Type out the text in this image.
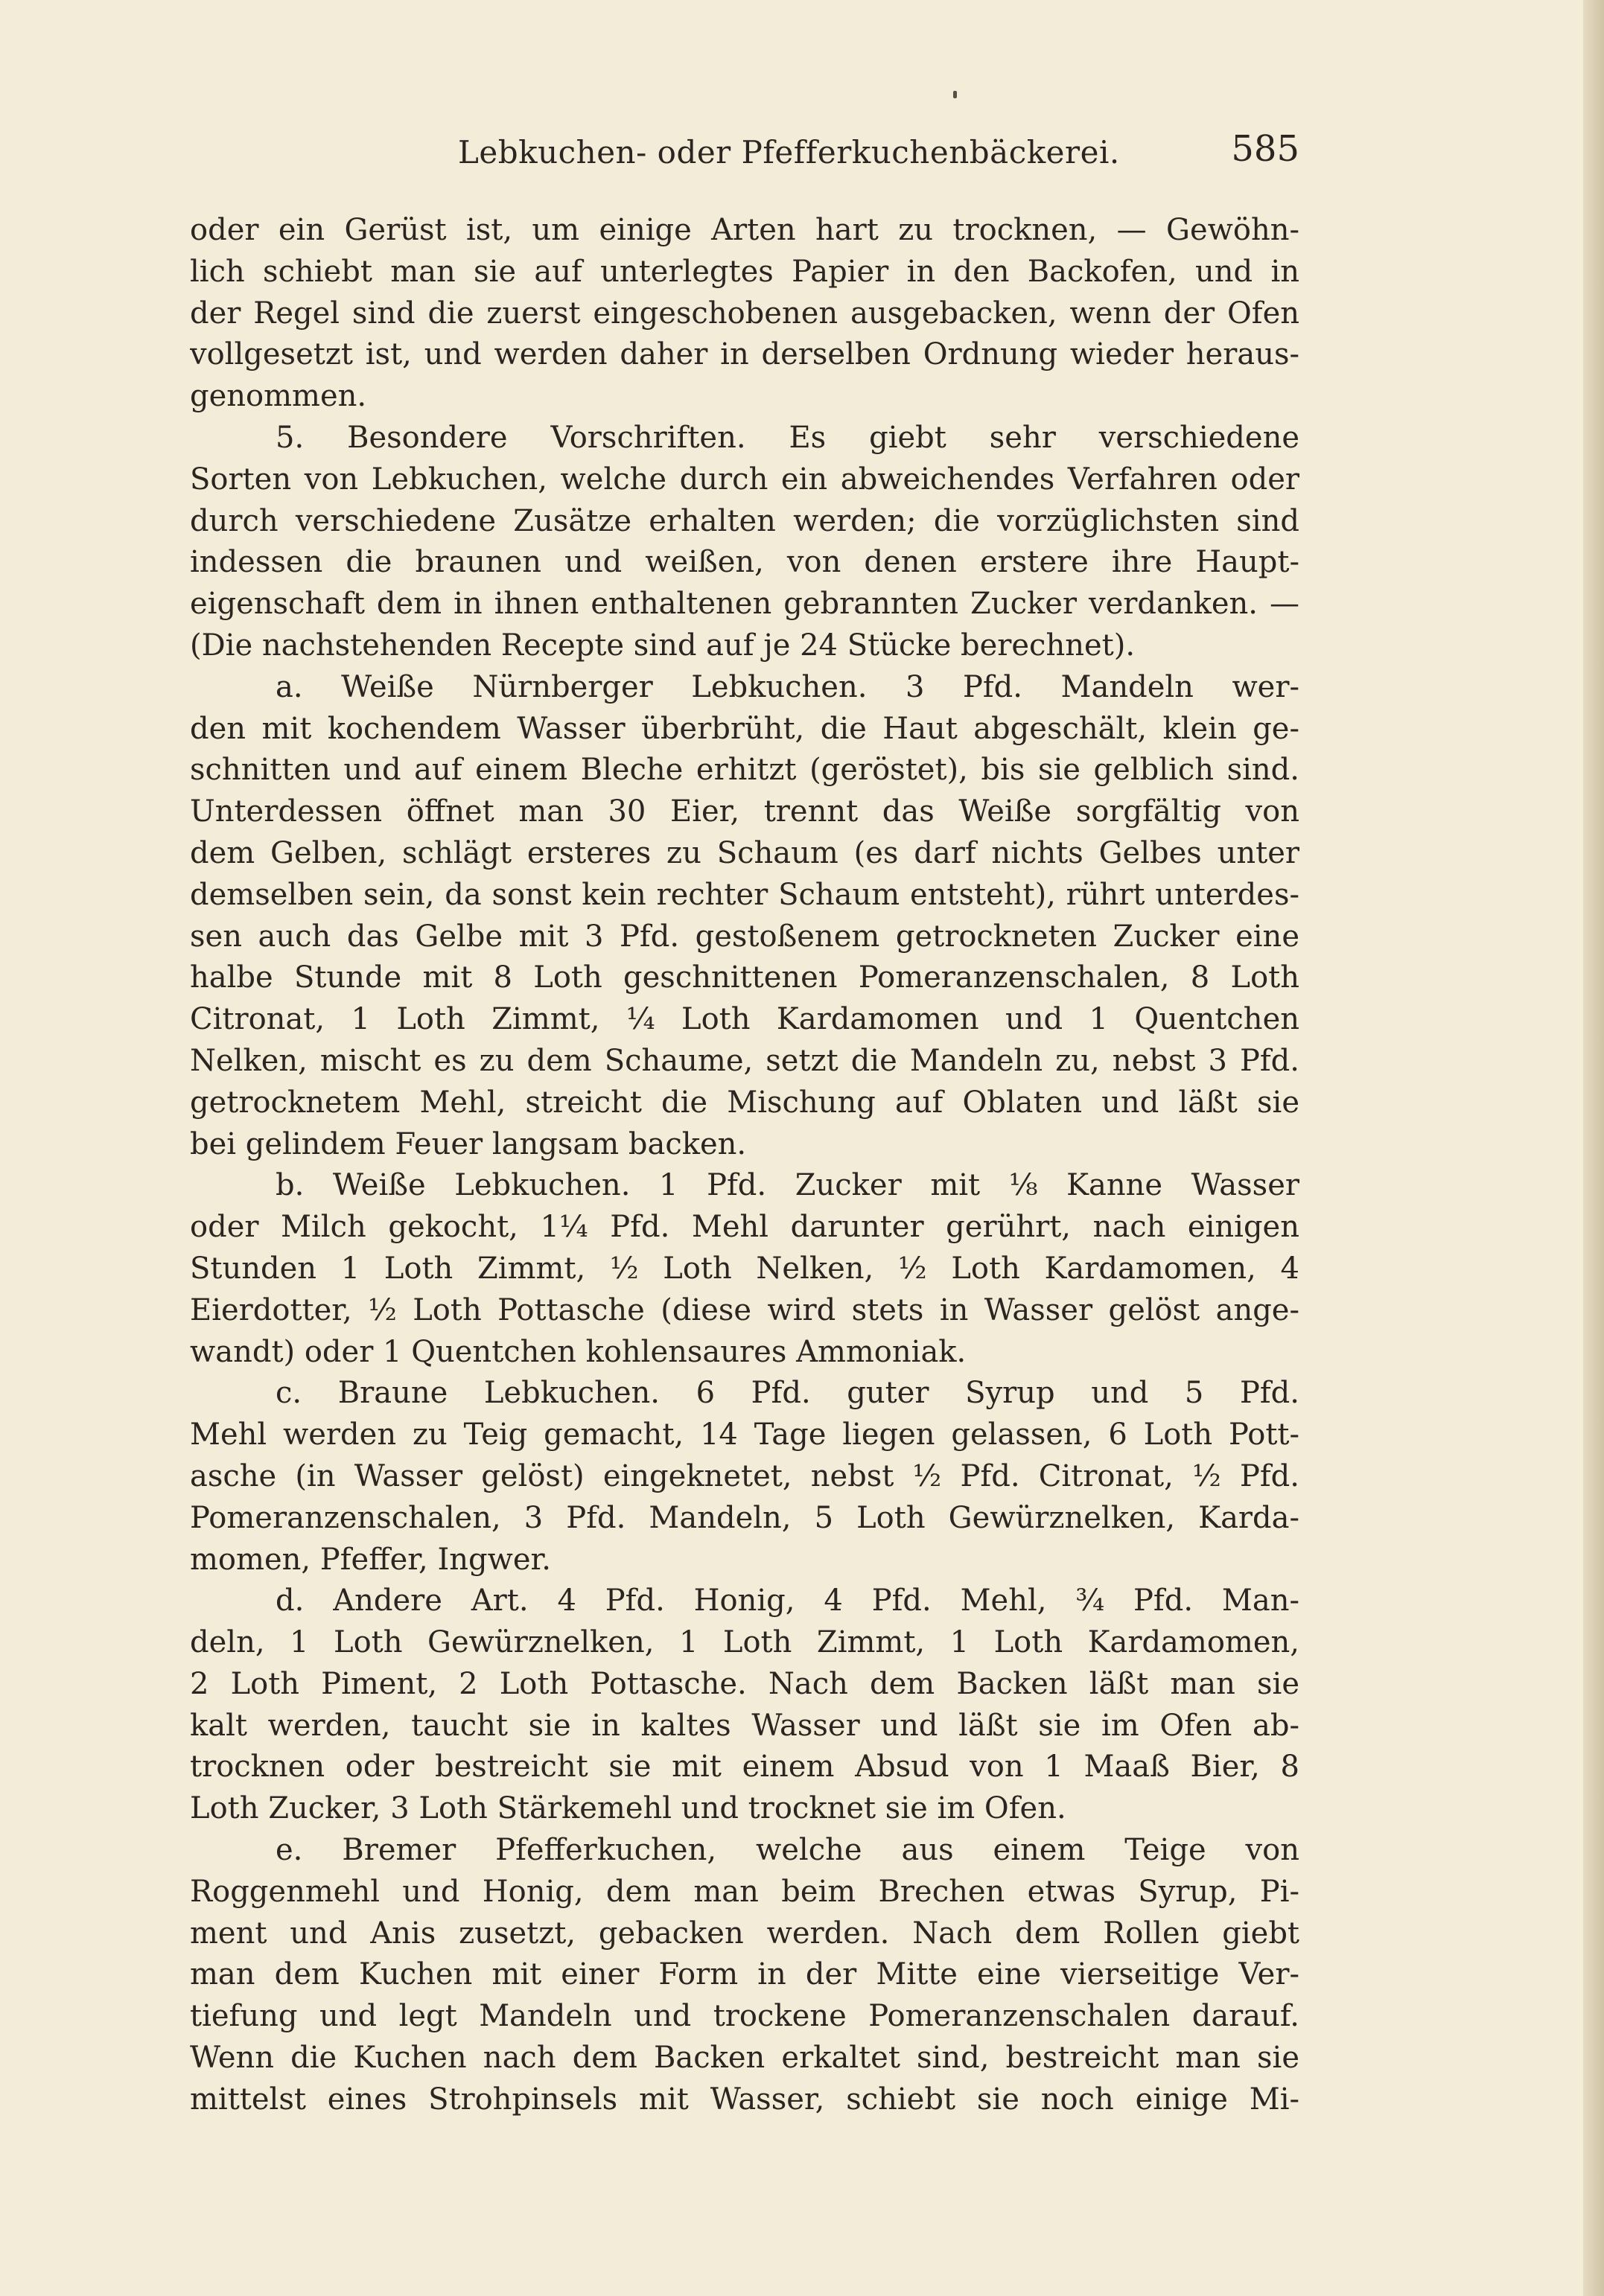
Lebkuchen- oder Pfefferkuchenbäckerei.	585
oder ein Gerüst ist, um einige Arten hart zu trocknen, — Gewöhn-
lich schiebt man sie auf unterlegtes Papier in den Backofen, und in
der Regel sind die zuerst eingeschobenen ausgebacken, wenn der Ofen
vollgesetzt ist, und werden daher in derselben Ordnung wieder heraus-
genommen.
5. Besondere Vorschriften. Es giebt sehr verschiedene
Sorten von Lebkuchen, welche durch ein abweichendes Verfahren oder
durch verschiedene Zusätze erhalten werden; die vorzüglichsten sind
indessen die braunen und weißen, von denen erstere ihre Haupt-
eigenschaft dem in ihnen enthaltenen gebrannten Zucker verdanken. —
(Die nachstehenden Recepte sind auf je 24 Stücke berechnet).
a. Weiße Nürnberger Lebkuchen. 3 Pfd. Mandeln wer-
den mit kochendem Wasser überbrüht, die Haut abgeschält, klein ge-
schnitten und auf einem Bleche erhitzt (geröstet), bis sie gelblich sind.
Unterdessen öffnet man 30 Eier, trennt das Weiße sorgfältig von
dem Gelben, schlägt ersteres zu Schaum (es darf nichts Gelbes unter
demselben sein, da sonst kein rechter Schaum entsteht), rührt unterdes-
sen auch das Gelbe mit 3 Pfd. gestoßenem getrockneten Zucker eine
halbe Stunde mit 8 Loth geschnittenen Pomeranzenschalen, 8 Loth
Citronat, 1 Loth Zimmt, ¼ Loth Kardamomen und 1 Quentchen
Nelken, mischt es zu dem Schaume, setzt die Mandeln zu, nebst 3 Pfd.
getrocknetem Mehl, streicht die Mischung auf Oblaten und läßt sie
bei gelindem Feuer langsam backen.
b. Weiße Lebkuchen. 1 Pfd. Zucker mit ⅛ Kanne Wasser
oder Milch gekocht, 1¼ Pfd. Mehl darunter gerührt, nach einigen
Stunden 1 Loth Zimmt, ½ Loth Nelken, ½ Loth Kardamomen, 4
Eierdotter, ½ Loth Pottasche (diese wird stets in Wasser gelöst ange-
wandt) oder 1 Quentchen kohlensaures Ammoniak.
c. Braune Lebkuchen. 6 Pfd. guter Syrup und 5 Pfd.
Mehl werden zu Teig gemacht, 14 Tage liegen gelassen, 6 Loth Pott-
asche (in Wasser gelöst) eingeknetet, nebst ½ Pfd. Citronat, ½ Pfd.
Pomeranzenschalen, 3 Pfd. Mandeln, 5 Loth Gewürznelken, Karda-
momen, Pfeffer, Ingwer.
d. Andere Art. 4 Pfd. Honig, 4 Pfd. Mehl, ¾ Pfd. Man-
deln, 1 Loth Gewürznelken, 1 Loth Zimmt, 1 Loth Kardamomen,
2 Loth Piment, 2 Loth Pottasche. Nach dem Backen läßt man sie
kalt werden, taucht sie in kaltes Wasser und läßt sie im Ofen ab-
trocknen oder bestreicht sie mit einem Absud von 1 Maaß Bier, 8
Loth Zucker, 3 Loth Stärkemehl und trocknet sie im Ofen.
e. Bremer Pfefferkuchen, welche aus einem Teige von
Roggenmehl und Honig, dem man beim Brechen etwas Syrup, Pi-
ment und Anis zusetzt, gebacken werden. Nach dem Rollen giebt
man dem Kuchen mit einer Form in der Mitte eine vierseitige Ver-
tiefung und legt Mandeln und trockene Pomeranzenschalen darauf.
Wenn die Kuchen nach dem Backen erkaltet sind, bestreicht man sie
mittelst eines Strohpinsels mit Wasser, schiebt sie noch einige Mi-
